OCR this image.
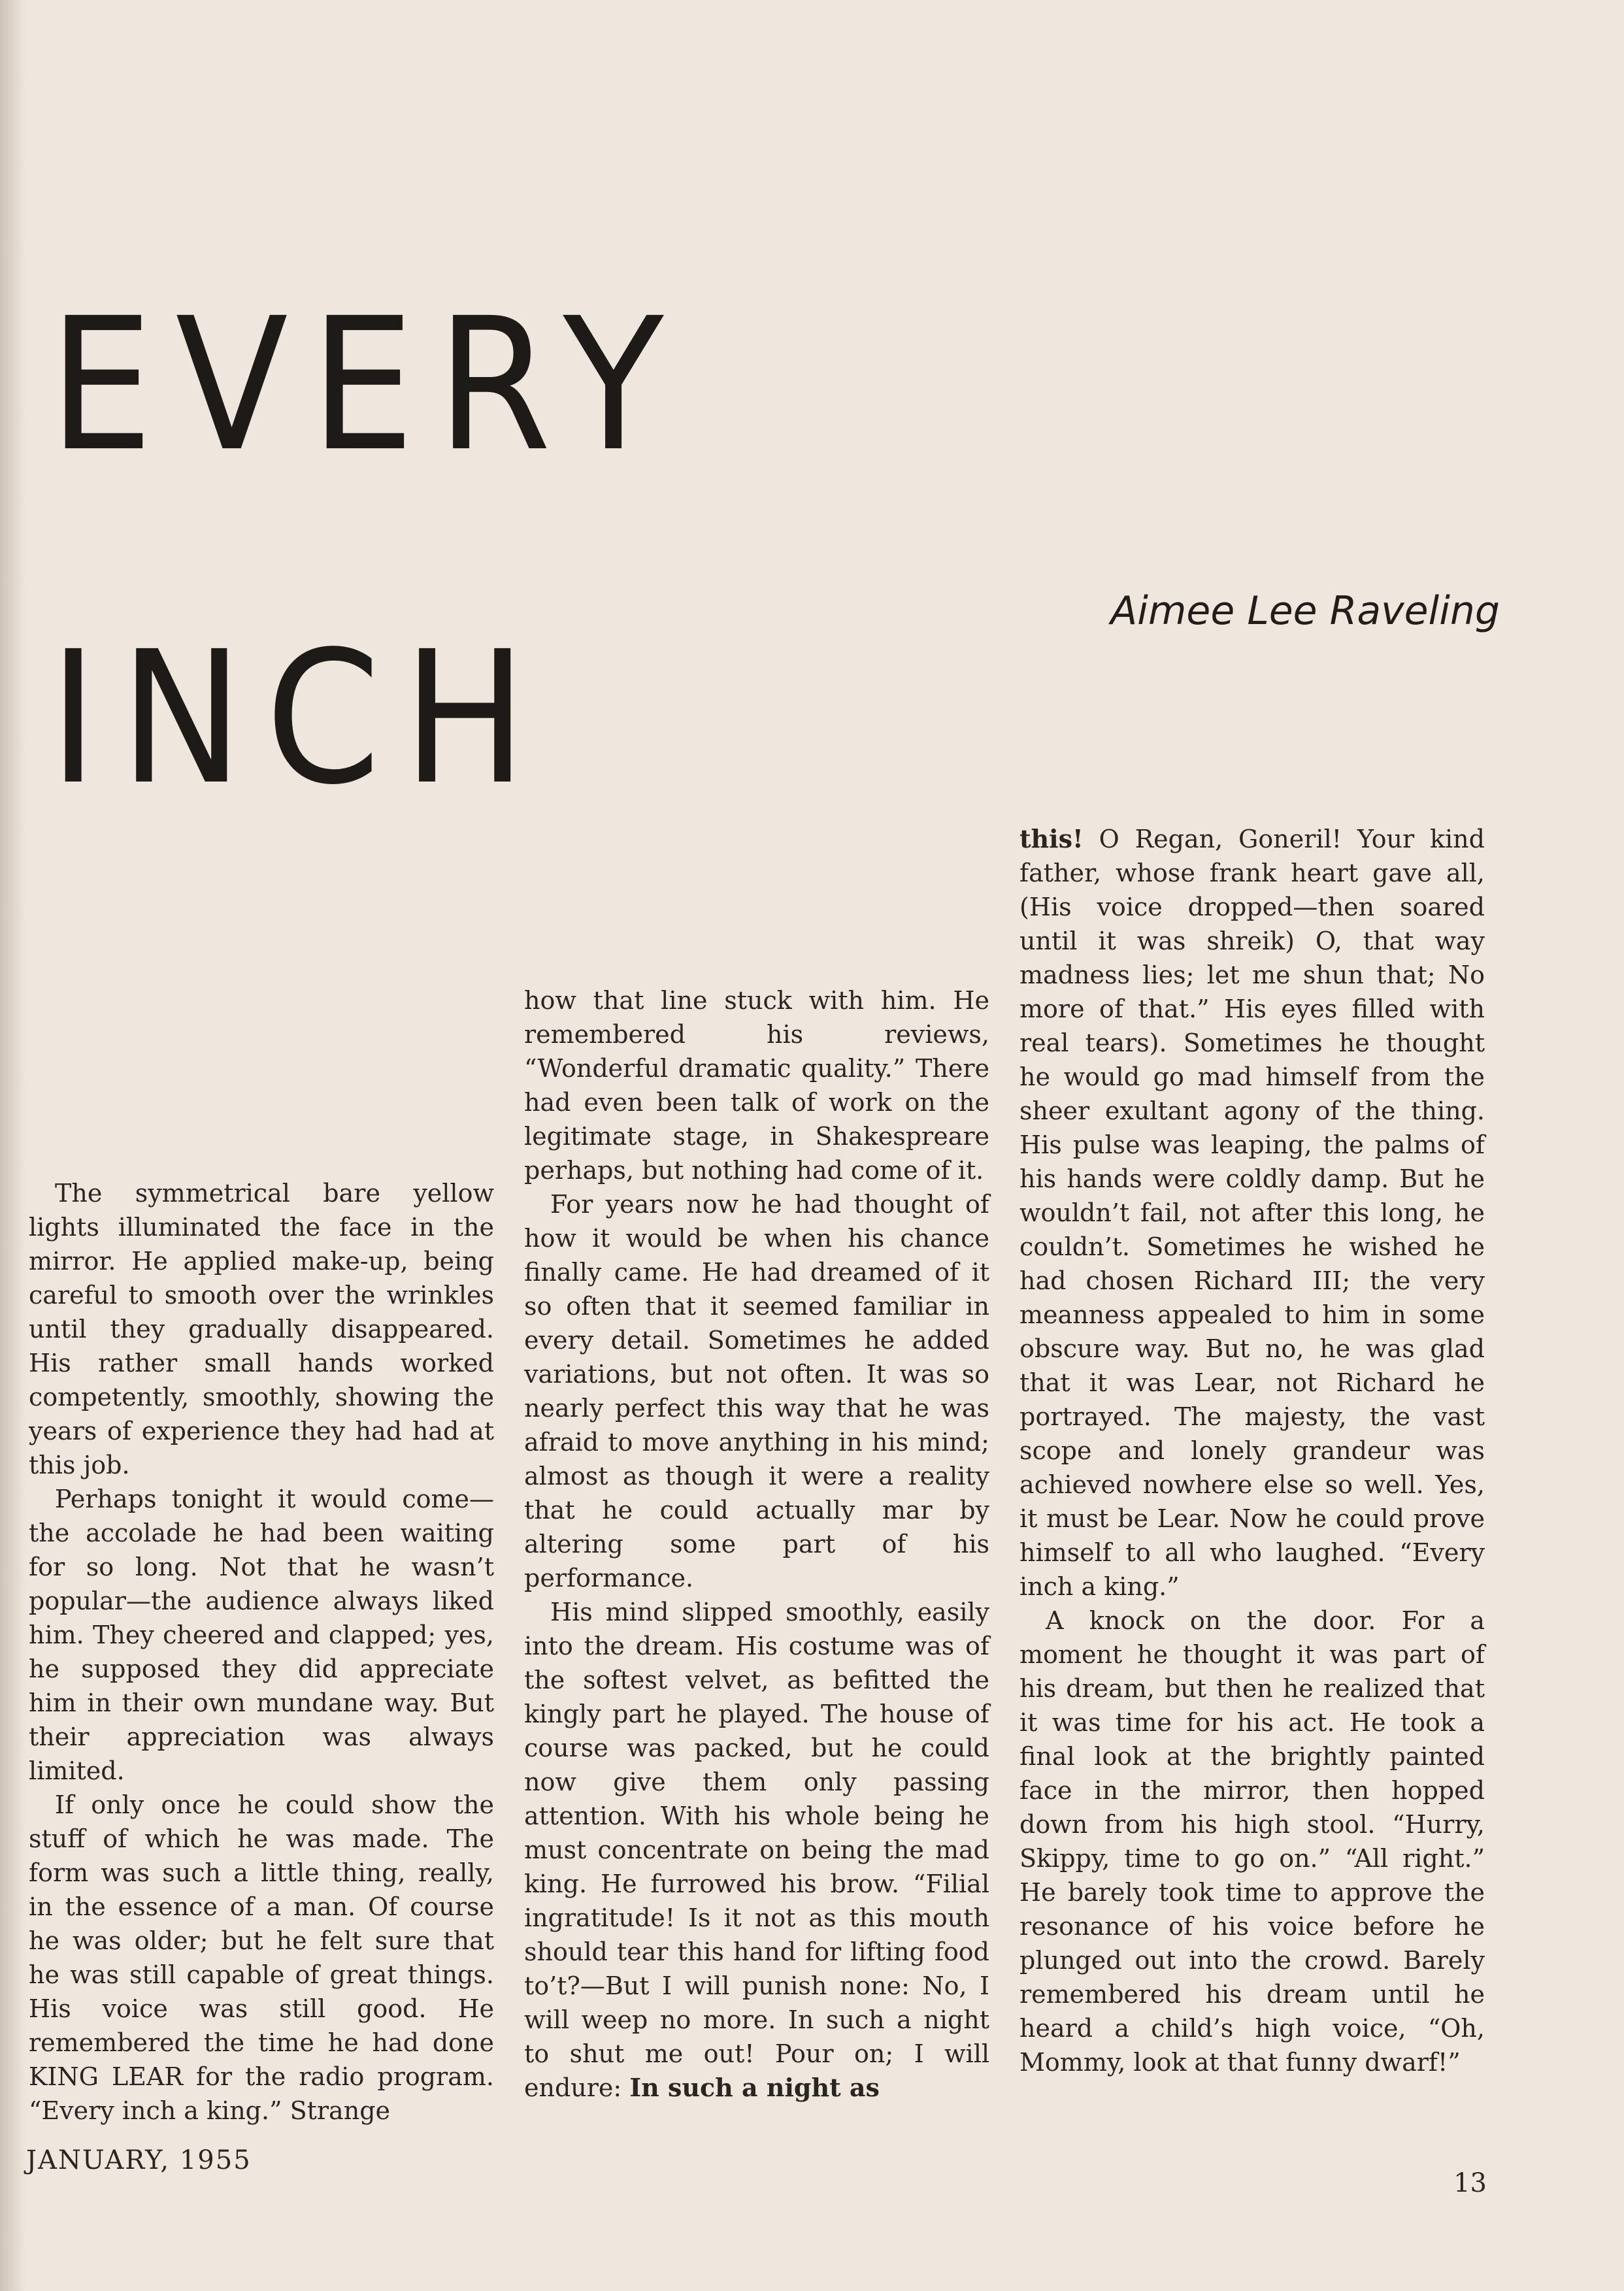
EVERY
INCH
Aimee Lee Raveling

The symmetrical bare yellow lights illuminated the face in the mirror. He applied make-up, being careful to smooth over the wrinkles until they gradually disappeared. His rather small hands worked competently, smoothly, showing the years of experience they had had at this job.

Perhaps tonight it would come—the accolade he had been waiting for so long. Not that he wasn’t popular—the audience always liked him. They cheered and clapped; yes, he supposed they did appreciate him in their own mundane way. But their appreciation was always limited.

If only once he could show the stuff of which he was made. The form was such a little thing, really, in the essence of a man. Of course he was older; but he felt sure that he was still capable of great things. His voice was still good. He remembered the time he had done KING LEAR for the radio program. “Every inch a king.” Strange

how that line stuck with him. He remembered his reviews, “Wonderful dramatic quality.” There had even been talk of work on the legitimate stage, in Shakespreare perhaps, but nothing had come of it.

For years now he had thought of how it would be when his chance finally came. He had dreamed of it so often that it seemed familiar in every detail. Sometimes he added variations, but not often. It was so nearly perfect this way that he was afraid to move anything in his mind; almost as though it were a reality that he could actually mar by altering some part of his performance.

His mind slipped smoothly, easily into the dream. His costume was of the softest velvet, as befitted the kingly part he played. The house of course was packed, but he could now give them only passing attention. With his whole being he must concentrate on being the mad king. He furrowed his brow. “Filial ingratitude! Is it not as this mouth should tear this hand for lifting food to’t?—But I will punish none: No, I will weep no more. In such a night to shut me out! Pour on; I will endure: In such a night as

this! O Regan, Goneril! Your kind father, whose frank heart gave all, (His voice dropped—then soared until it was shreik) O, that way madness lies; let me shun that; No more of that.” His eyes filled with real tears). Sometimes he thought he would go mad himself from the sheer exultant agony of the thing. His pulse was leaping, the palms of his hands were coldly damp. But he wouldn’t fail, not after this long, he couldn’t. Sometimes he wished he had chosen Richard III; the very meanness appealed to him in some obscure way. But no, he was glad that it was Lear, not Richard he portrayed. The majesty, the vast scope and lonely grandeur was achieved nowhere else so well. Yes, it must be Lear. Now he could prove himself to all who laughed. “Every inch a king.”

A knock on the door. For a moment he thought it was part of his dream, but then he realized that it was time for his act. He took a final look at the brightly painted face in the mirror, then hopped down from his high stool. “Hurry, Skippy, time to go on.” “All right.” He barely took time to approve the resonance of his voice before he plunged out into the crowd. Barely remembered his dream until he heard a child’s high voice, “Oh, Mommy, look at that funny dwarf!”

JANUARY, 1955
13
